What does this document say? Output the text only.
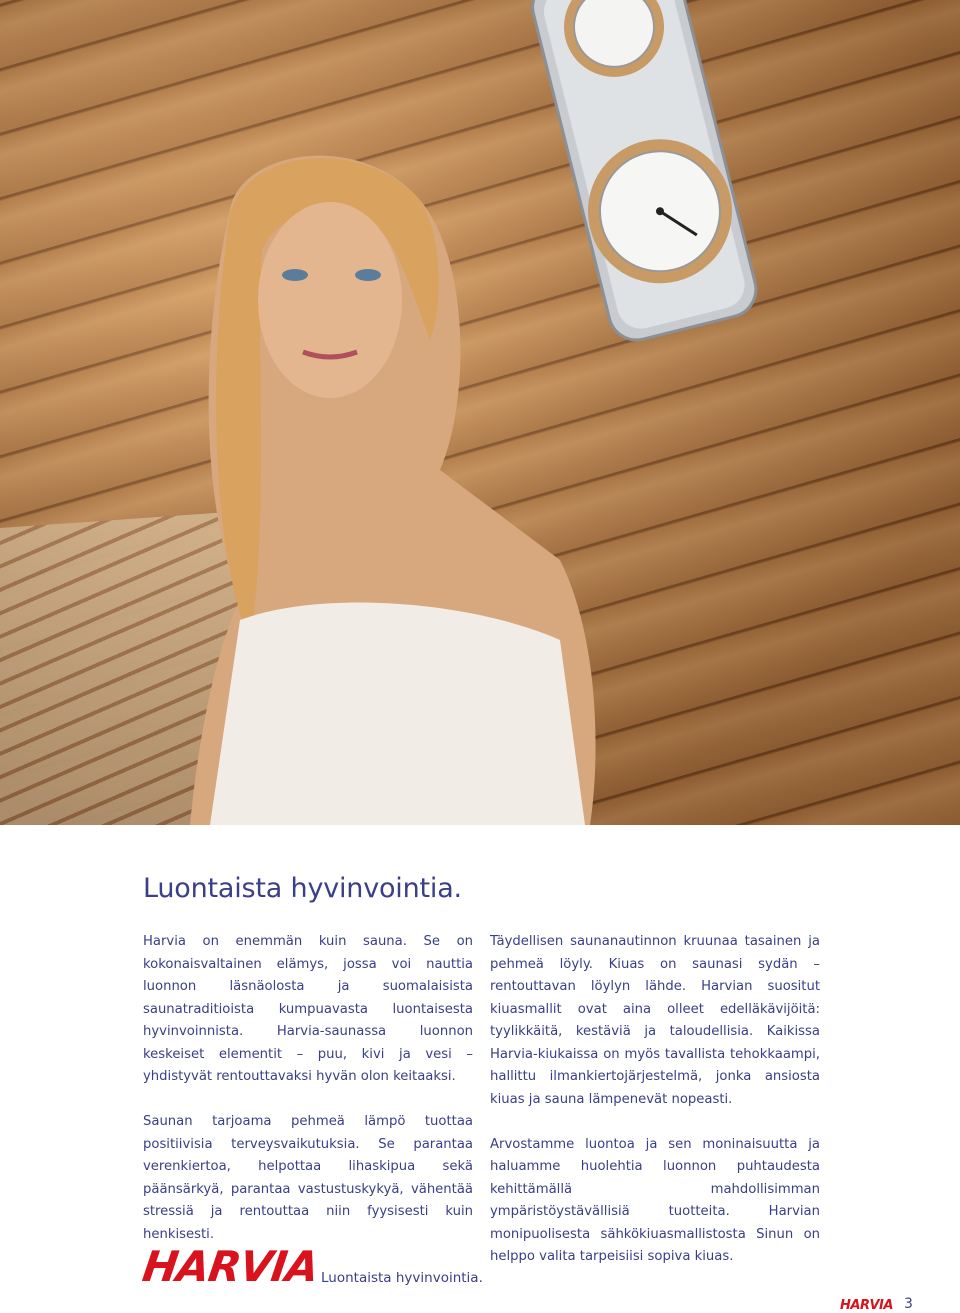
Luontaista hyvinvointia.

Harvia on enemmän kuin sauna. Se on kokonaisvaltainen elämys, jossa voi nauttia luonnon läsnäolosta ja suomalaisista saunatraditioista kumpuavasta luontaisesta hyvinvoinnista. Harvia-saunassa luonnon keskeiset elementit – puu, kivi ja vesi – yhdistyvät rentouttavaksi hyvän olon keitaaksi.

Saunan tarjoama pehmeä lämpö tuottaa positiivisia terveysvaikutuksia. Se parantaa verenkiertoa, helpottaa lihaskipua sekä päänsärkyä, parantaa vastustuskykyä, vähentää stressiä ja rentouttaa niin fyysisesti kuin henkisesti.

Täydellisen saunanautinnon kruunaa tasainen ja pehmeä löyly. Kiuas on saunasi sydän – rentouttavan löylyn lähde. Harvian suositut kiuasmallit ovat aina olleet edelläkävijöitä: tyylikkäitä, kestäviä ja taloudellisia. Kaikissa Harvia-kiukaissa on myös tavallista tehokkaampi, hallittu ilmankiertojärjestelmä, jonka ansiosta kiuas ja sauna lämpenevät nopeasti.

Arvostamme luontoa ja sen moninaisuutta ja haluamme huolehtia luonnon puhtaudesta kehittämällä mahdollisimman ympäristöystävällisiä tuotteita. Harvian monipuolisesta sähkökiuasmallistosta Sinun on helppo valita tarpeisiisi sopiva kiuas.

HARVIA Luontaista hyvinvointia.
HARVIA 3
